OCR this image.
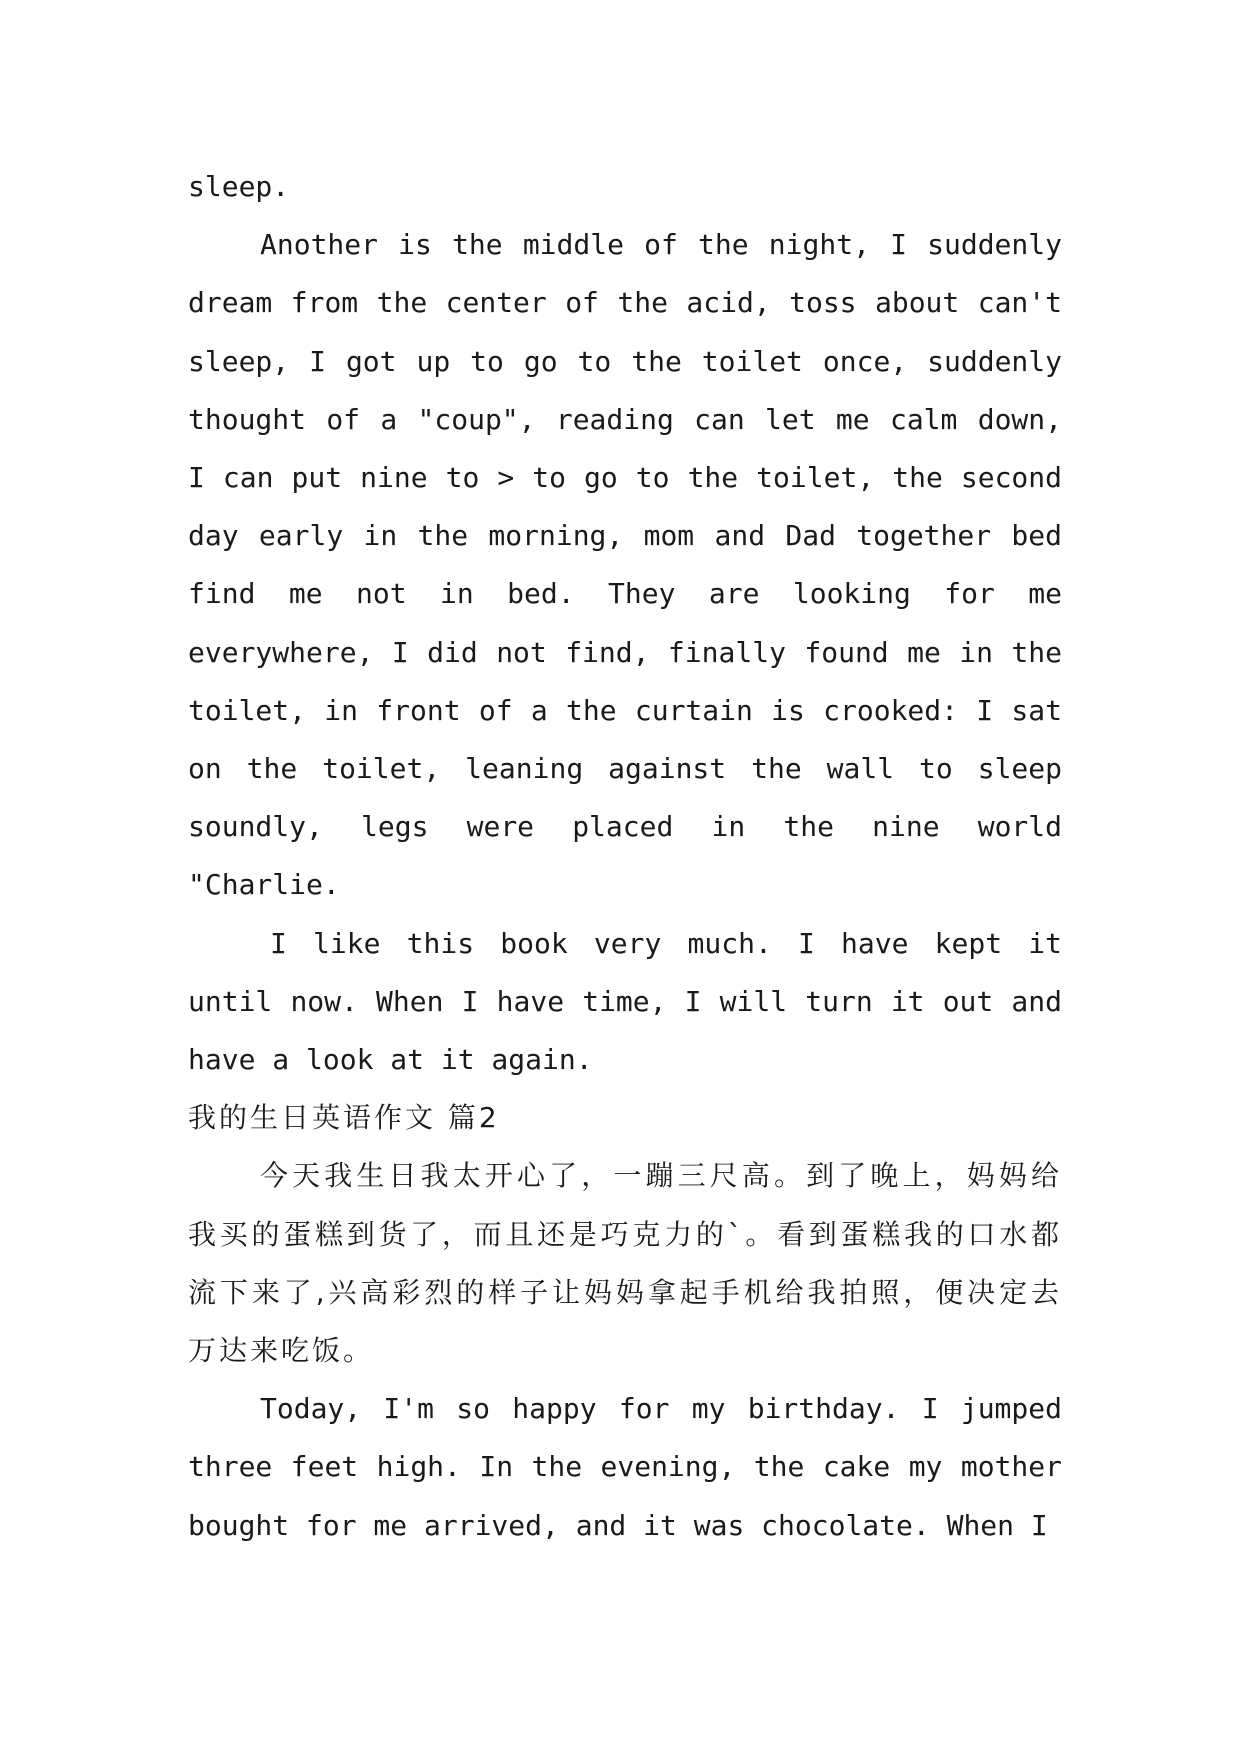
sleep.

Another is the middle of the night, I suddenly dream from the center of the acid, toss about can't sleep, I got up to go to the toilet once, suddenly thought of a "coup", reading can let me calm down, I can put nine to > to go to the toilet, the second day early in the morning, mom and Dad together bed find me not in bed. They are looking for me everywhere, I did not find, finally found me in the toilet, in front of a the curtain is crooked: I sat on the toilet, leaning against the wall to sleep soundly, legs were placed in the nine world "Charlie.

I like this book very much. I have kept it until now. When I have time, I will turn it out and have a look at it again.

我的生日英语作文 篇2

今天我生日我太开心了，一蹦三尺高。到了晚上，妈妈给我买的蛋糕到货了，而且还是巧克力的`。看到蛋糕我的口水都流下来了,兴高彩烈的样子让妈妈拿起手机给我拍照，便决定去万达来吃饭。

Today, I'm so happy for my birthday. I jumped three feet high. In the evening, the cake my mother bought for me arrived, and it was chocolate. When I
